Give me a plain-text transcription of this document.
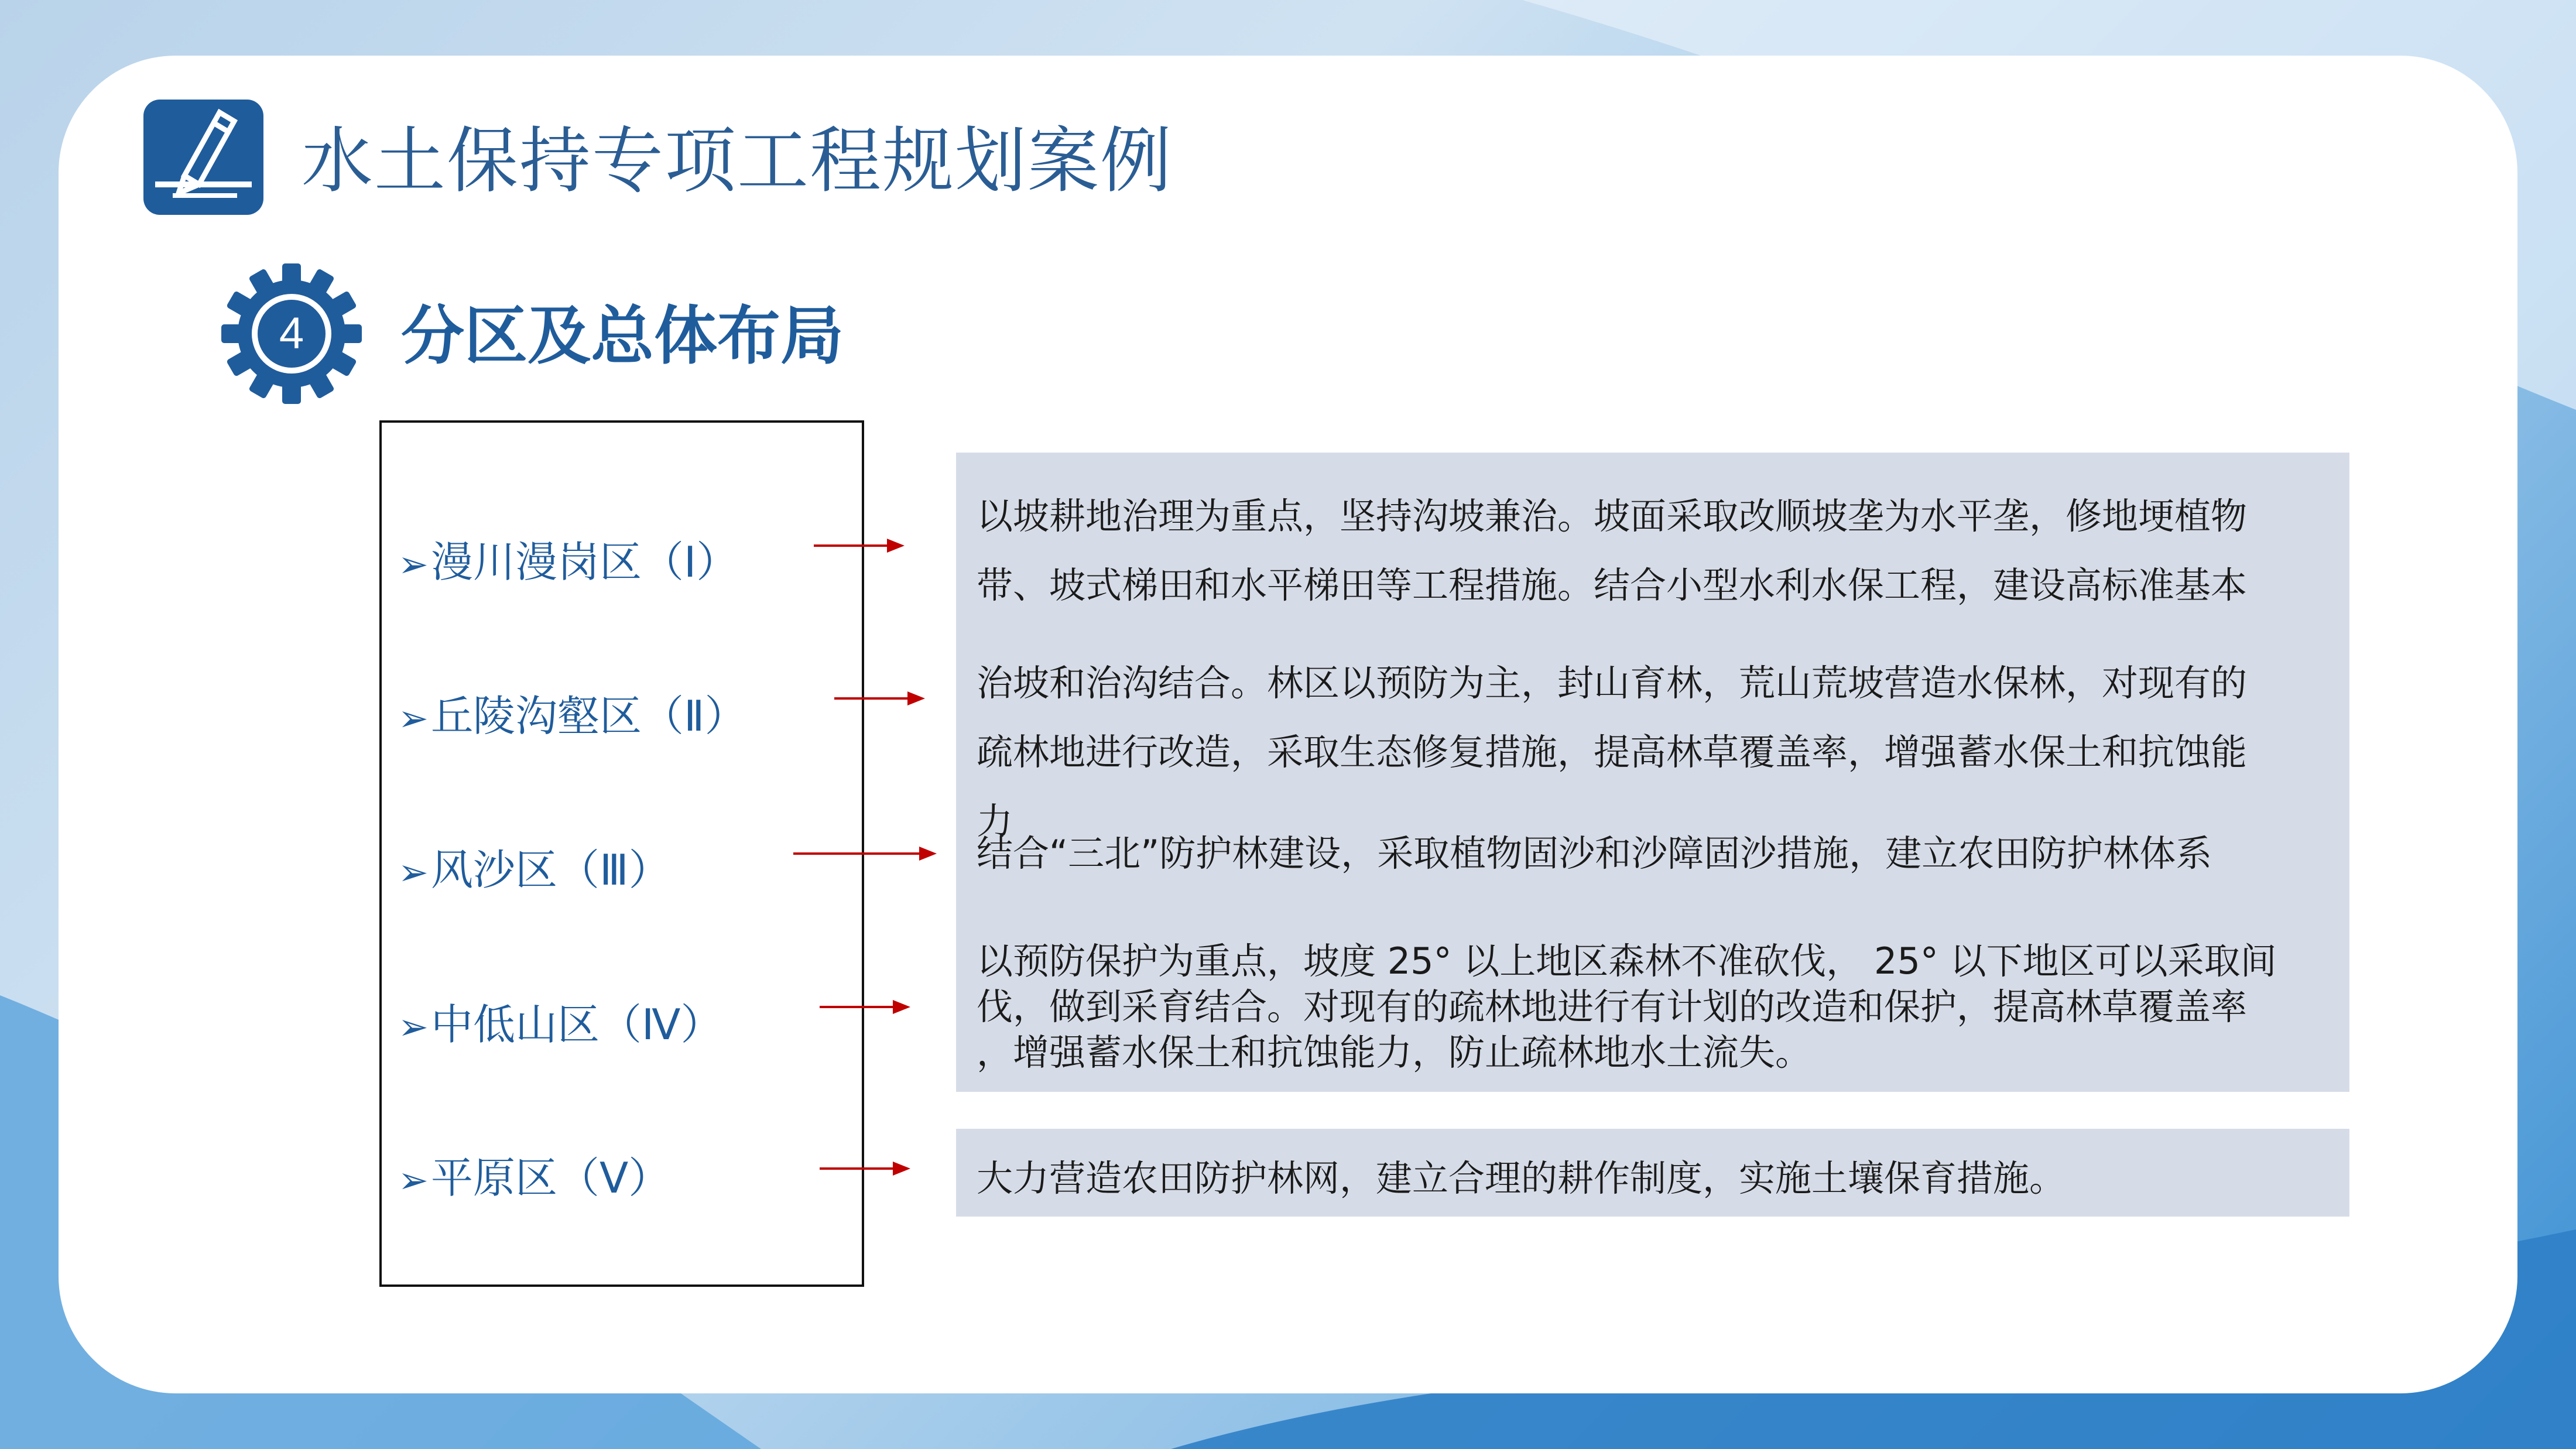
水土保持专项工程规划案例
4	分区及总体布局
➢漫川漫岗区（Ⅰ）
➢丘陵沟壑区（Ⅱ）
➢风沙区（Ⅲ）
➢中低山区（Ⅳ）
➢平原区（Ⅴ）
以坡耕地治理为重点，坚持沟坡兼治。坡面采取改顺坡垄为水平垄，修地埂植物
带、坡式梯田和水平梯田等工程措施。结合小型水利水保工程，建设高标准基本
治坡和治沟结合。林区以预防为主，封山育林，荒山荒坡营造水保林，对现有的
疏林地进行改造，采取生态修复措施，提高林草覆盖率，增强蓄水保土和抗蚀能
力
结合“三北”防护林建设，采取植物固沙和沙障固沙措施，建立农田防护林体系
以预防保护为重点，坡度 25° 以上地区森林不准砍伐， 25° 以下地区可以采取间
伐，做到采育结合。对现有的疏林地进行有计划的改造和保护，提高林草覆盖率
，增强蓄水保土和抗蚀能力，防止疏林地水土流失。
大力营造农田防护林网，建立合理的耕作制度，实施土壤保育措施。
